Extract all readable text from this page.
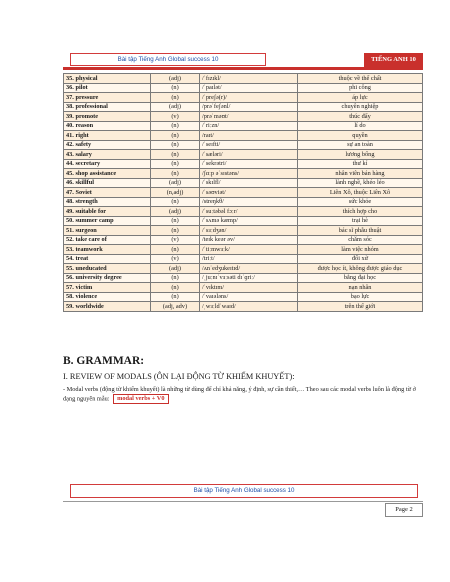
Bài tập Tiếng Anh Global success 10	TIẾNG ANH 10
35. physical	(adj)	/ˈfɪzɪkl/	thuộc về thể chất
36. pilot	(n)	/ˈpaɪlət/	phi công
37. pressure	(n)	/ˈpreʃə(r)/	áp lực
38. professional	(adj)	/prəˈfeʃənl/	chuyên nghiệp
39. promote	(v)	/prəˈməʊt/	thúc đẩy
40. reason	(n)	/ˈriːzn/	lí do
41. right	(n)	/raɪt/	quyền
42. safety	(n)	/ˈseɪfti/	sự an toàn
43. salary	(n)	/ˈsæləri/	lương bổng
44. secretary	(n)	/ˈsekrətri/	thư kí
45. shop assistance	(n)	/ʃɑːp əˈsɪstəns/	nhân viên bán hàng
46. skillful	(adj)	/ˈskɪlfl/	lành nghề, khéo léo
47. Soviet	(n,adj)	/ˈsəʊviət/	Liên Xô, thuộc Liên Xô
48. strength	(n)	/streŋkθ/	sức khỏe
49. suitable for	(adj)	/ˈsuːtəbəl fɔːr/	thích hợp cho
50. summer camp	(n)	/ˈsʌmə kæmp/	trại hè
51. surgeon	(n)	/ˈsɜːdʒən/	bác sĩ phẫu thuật
52. take care of	(v)	/teɪk keər əv/	chăm sóc
53. teamwork	(n)	/ˈtiːmwɜːk/	làm việc nhóm
54. treat	(v)	/triːt/	đối xử
55. uneducated	(adj)	/ʌnˈedʒukeɪtɪd/	được học ít, không được giáo dục
56. university degree	(n)	/ˌjuːnɪˈvɜːsəti dɪˈɡriː/	bằng đại học
57. victim	(n)	/ˈvɪktɪm/	nạn nhân
58. violence	(n)	/ˈvaɪələns/	bạo lực
59. worldwide	(adj, adv)	/ˌwɜːldˈwaɪd/	trên thế giới
B. GRAMMAR:
I. REVIEW OF MODALS (ÔN LẠI ĐỘNG TỪ KHIẾM KHUYẾT):
- Modal verbs (động từ khiếm khuyết) là những từ dùng để chỉ khả năng, ý định, sự cần thiết,… Theo sau các modal verbs luôn là động từ ở dạng nguyên mẫu: modal verbs + V0
Bài tập Tiếng Anh Global success 10
Page 2
